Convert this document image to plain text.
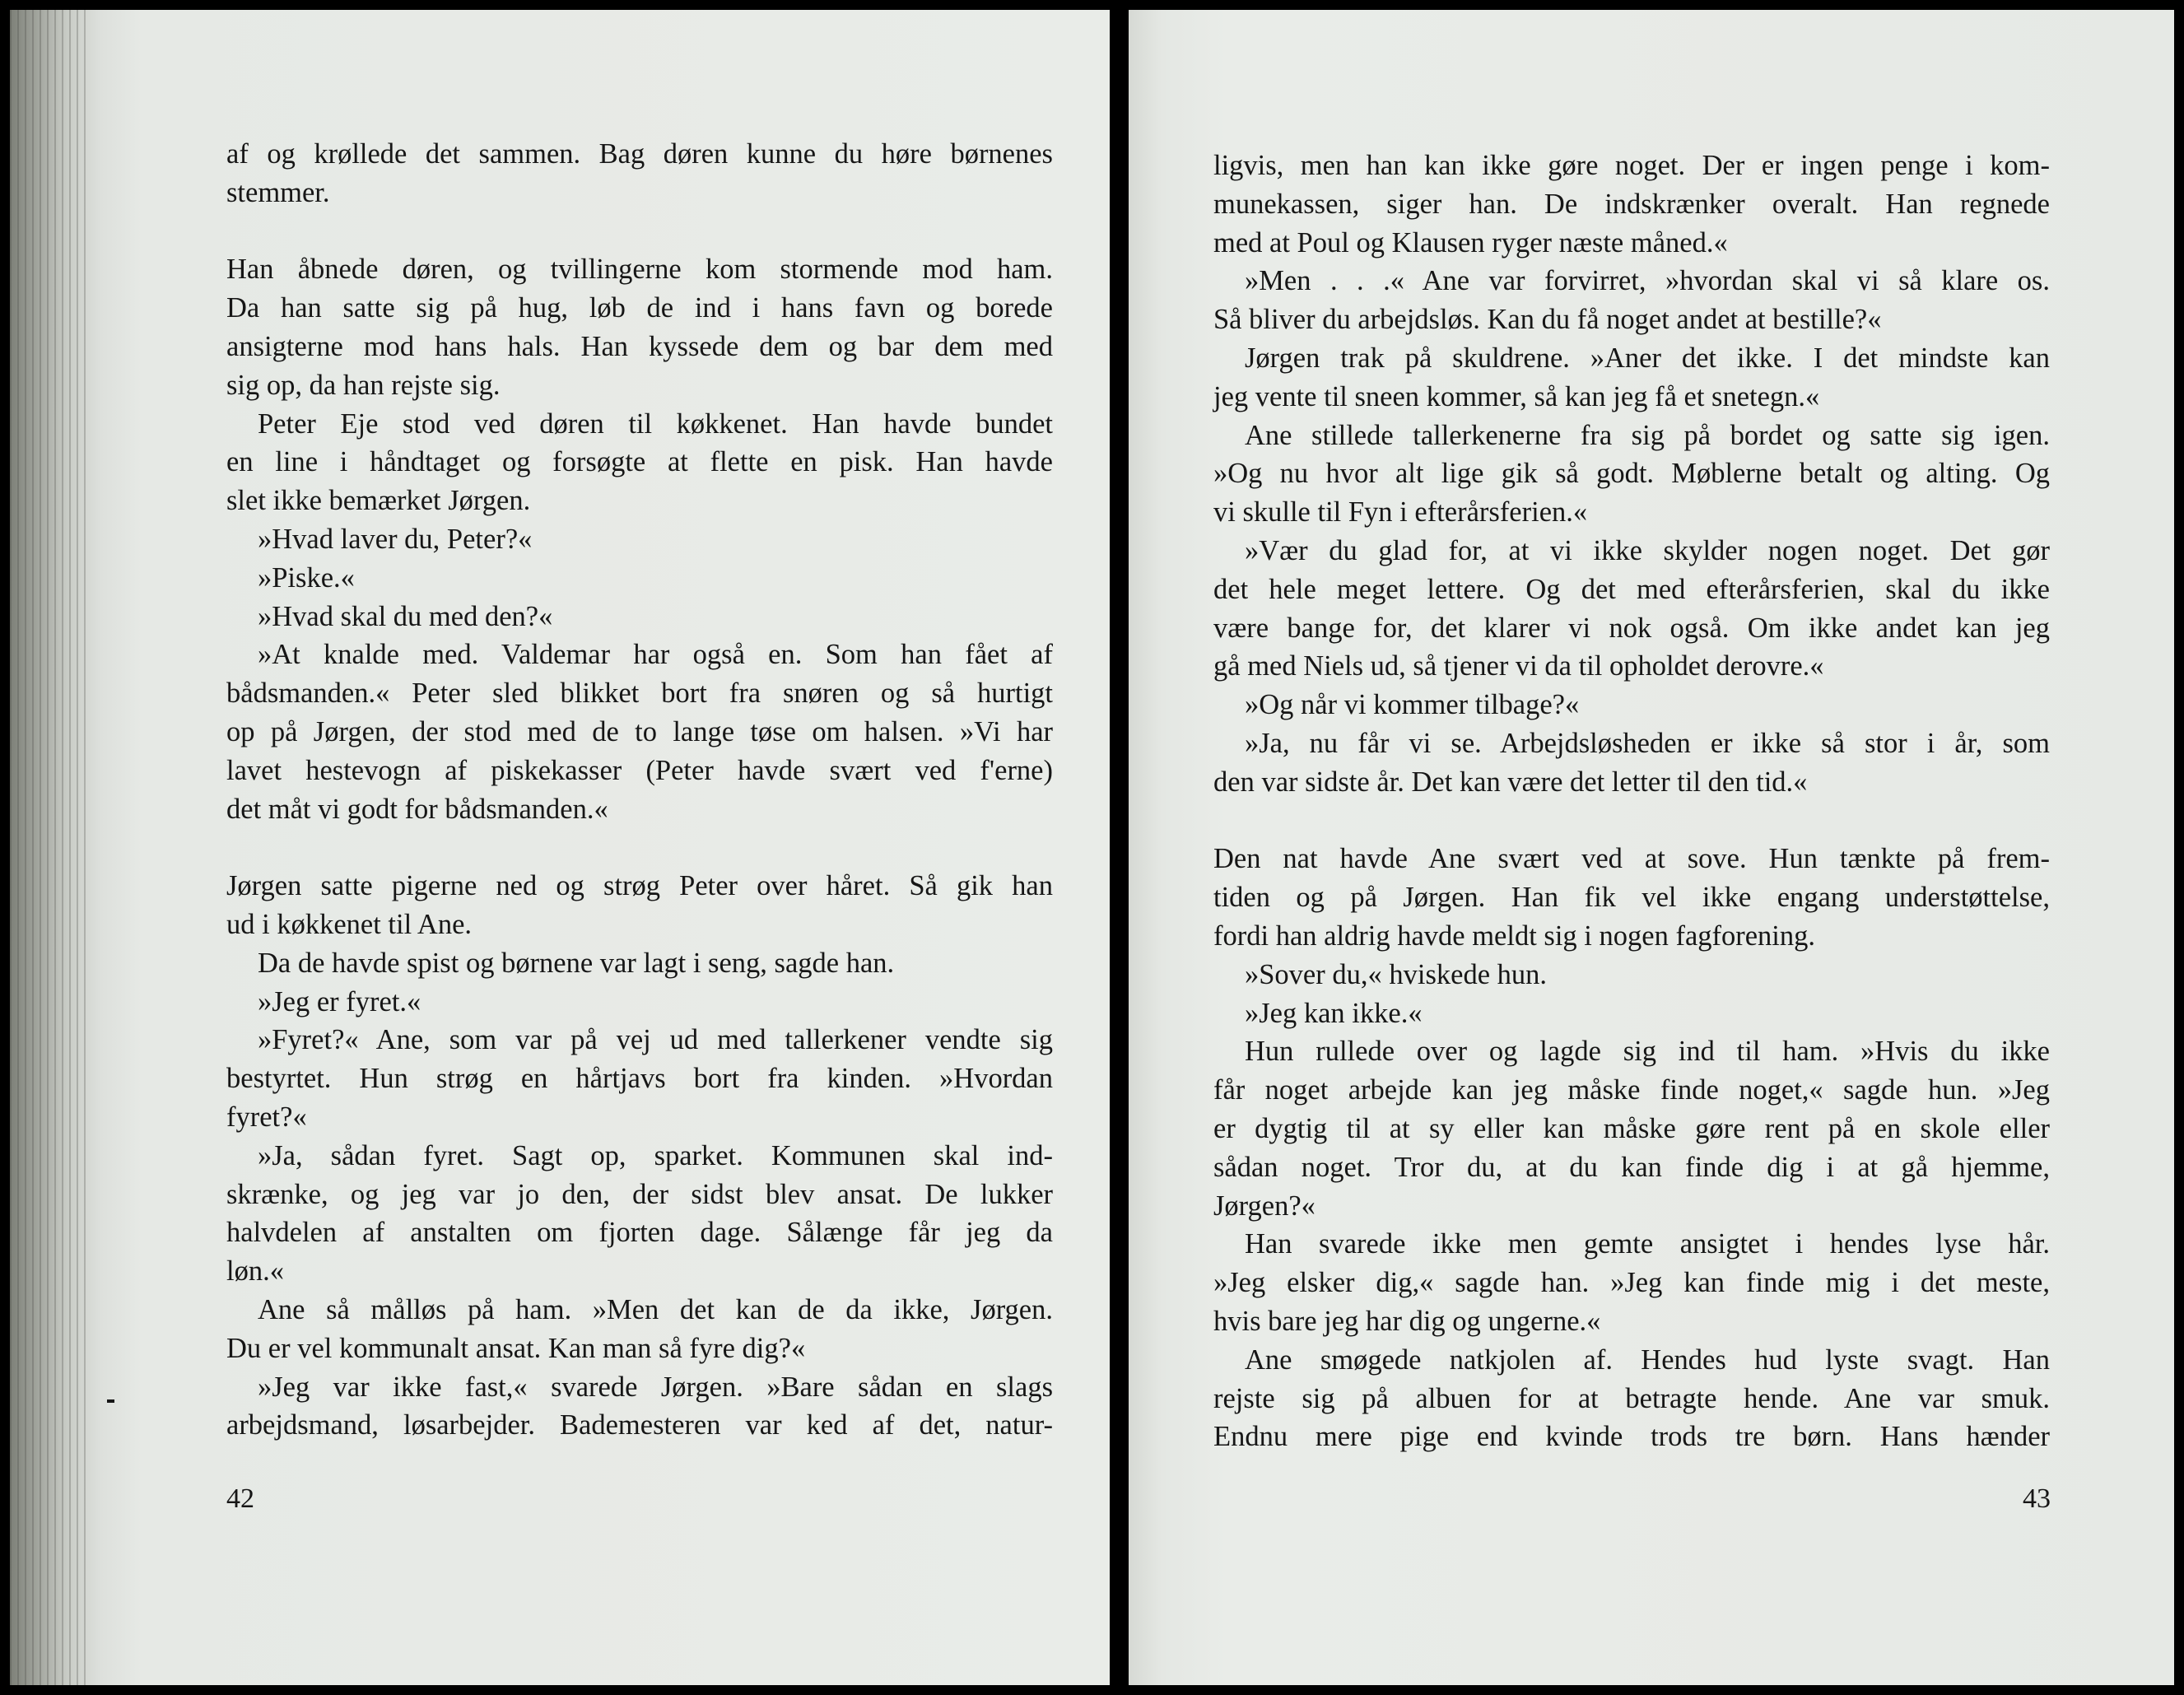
af og krøllede det sammen. Bag døren kunne du høre børnenes
stemmer.
Han åbnede døren, og tvillingerne kom stormende mod ham.
Da han satte sig på hug, løb de ind i hans favn og borede
ansigterne mod hans hals. Han kyssede dem og bar dem med
sig op, da han rejste sig.
Peter Eje stod ved døren til køkkenet. Han havde bundet
en line i håndtaget og forsøgte at flette en pisk. Han havde
slet ikke bemærket Jørgen.
»Hvad laver du, Peter?«
»Piske.«
»Hvad skal du med den?«
»At knalde med. Valdemar har også en. Som han fået af
bådsmanden.« Peter sled blikket bort fra snøren og så hurtigt
op på Jørgen, der stod med de to lange tøse om halsen. »Vi har
lavet hestevogn af piskekasser (Peter havde svært ved f'erne)
det måt vi godt for bådsmanden.«
Jørgen satte pigerne ned og strøg Peter over håret. Så gik han
ud i køkkenet til Ane.
Da de havde spist og børnene var lagt i seng, sagde han.
»Jeg er fyret.«
»Fyret?« Ane, som var på vej ud med tallerkener vendte sig
bestyrtet. Hun strøg en hårtjavs bort fra kinden. »Hvordan
fyret?«
»Ja, sådan fyret. Sagt op, sparket. Kommunen skal ind-
skrænke, og jeg var jo den, der sidst blev ansat. De lukker
halvdelen af anstalten om fjorten dage. Sålænge får jeg da
løn.«
Ane så målløs på ham. »Men det kan de da ikke, Jørgen.
Du er vel kommunalt ansat. Kan man så fyre dig?«
»Jeg var ikke fast,« svarede Jørgen. »Bare sådan en slags
arbejdsmand, løsarbejder. Bademesteren var ked af det, natur-
42
ligvis, men han kan ikke gøre noget. Der er ingen penge i kom-
munekassen, siger han. De indskrænker overalt. Han regnede
med at Poul og Klausen ryger næste måned.«
»Men . . .« Ane var forvirret, »hvordan skal vi så klare os.
Så bliver du arbejdsløs. Kan du få noget andet at bestille?«
Jørgen trak på skuldrene. »Aner det ikke. I det mindste kan
jeg vente til sneen kommer, så kan jeg få et snetegn.«
Ane stillede tallerkenerne fra sig på bordet og satte sig igen.
»Og nu hvor alt lige gik så godt. Møblerne betalt og alting. Og
vi skulle til Fyn i efterårsferien.«
»Vær du glad for, at vi ikke skylder nogen noget. Det gør
det hele meget lettere. Og det med efterårsferien, skal du ikke
være bange for, det klarer vi nok også. Om ikke andet kan jeg
gå med Niels ud, så tjener vi da til opholdet derovre.«
»Og når vi kommer tilbage?«
»Ja, nu får vi se. Arbejdsløsheden er ikke så stor i år, som
den var sidste år. Det kan være det letter til den tid.«
Den nat havde Ane svært ved at sove. Hun tænkte på frem-
tiden og på Jørgen. Han fik vel ikke engang understøttelse,
fordi han aldrig havde meldt sig i nogen fagforening.
»Sover du,« hviskede hun.
»Jeg kan ikke.«
Hun rullede over og lagde sig ind til ham. »Hvis du ikke
får noget arbejde kan jeg måske finde noget,« sagde hun. »Jeg
er dygtig til at sy eller kan måske gøre rent på en skole eller
sådan noget. Tror du, at du kan finde dig i at gå hjemme,
Jørgen?«
Han svarede ikke men gemte ansigtet i hendes lyse hår.
»Jeg elsker dig,« sagde han. »Jeg kan finde mig i det meste,
hvis bare jeg har dig og ungerne.«
Ane smøgede natkjolen af. Hendes hud lyste svagt. Han
rejste sig på albuen for at betragte hende. Ane var smuk.
Endnu mere pige end kvinde trods tre børn. Hans hænder
43
